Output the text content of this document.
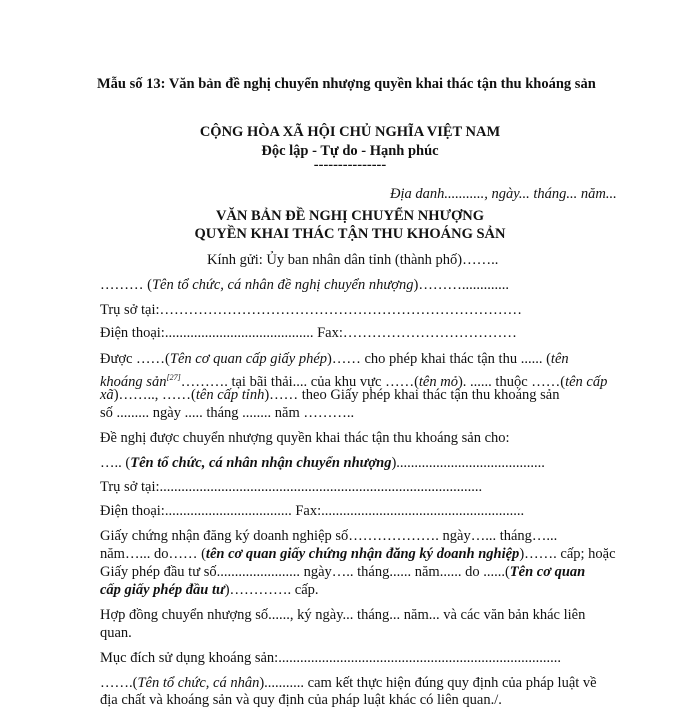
Mẫu số 13: Văn bản đề nghị chuyển nhượng quyền khai thác tận thu khoáng sản
CỘNG HÒA XÃ HỘI CHỦ NGHĨA VIỆT NAM
Độc lập - Tự do - Hạnh phúc
---------------
Địa danh..........., ngày... tháng... năm...
VĂN BẢN ĐỀ NGHỊ CHUYỂN NHƯỢNG
QUYỀN KHAI THÁC TẬN THU KHOÁNG SẢN
Kính gửi: Ủy ban nhân dân tỉnh (thành phố)……..
……… (Tên tổ chức, cá nhân đề nghị chuyển nhượng)……….............
Trụ sở tại:…………………………………………………………………
Điện thoại:......................................... Fax:………………………………
Được ……(Tên cơ quan cấp giấy phép)…… cho phép khai thác tận thu ...... (tên
khoáng sản[27]………. tại bãi thải.... của khu vực ……(tên mỏ). ...... thuộc ……(tên cấp
xã)…….., ……(tên cấp tỉnh)…… theo Giấy phép khai thác tận thu khoáng sản
số ......... ngày ..... tháng ........ năm ………..
Đề nghị được chuyển nhượng quyền khai thác tận thu khoáng sản cho:
….. (Tên tổ chức, cá nhân nhận chuyển nhượng).........................................
Trụ sở tại:.........................................................................................
Điện thoại:................................... Fax:........................................................
Giấy chứng nhận đăng ký doanh nghiệp số………………. ngày…... tháng…...
năm…... do…… (tên cơ quan giấy chứng nhận đăng ký doanh nghiệp)……. cấp; hoặc
Giấy phép đầu tư số....................... ngày….. tháng...... năm...... do ......(Tên cơ quan
cấp giấy phép đầu tư)…………. cấp.
Hợp đồng chuyển nhượng số......, ký ngày... tháng... năm... và các văn bản khác liên
quan.
Mục đích sử dụng khoáng sản:..............................................................................
…….(Tên tổ chức, cá nhân)........... cam kết thực hiện đúng quy định của pháp luật về
địa chất và khoáng sản và quy định của pháp luật khác có liên quan./.
